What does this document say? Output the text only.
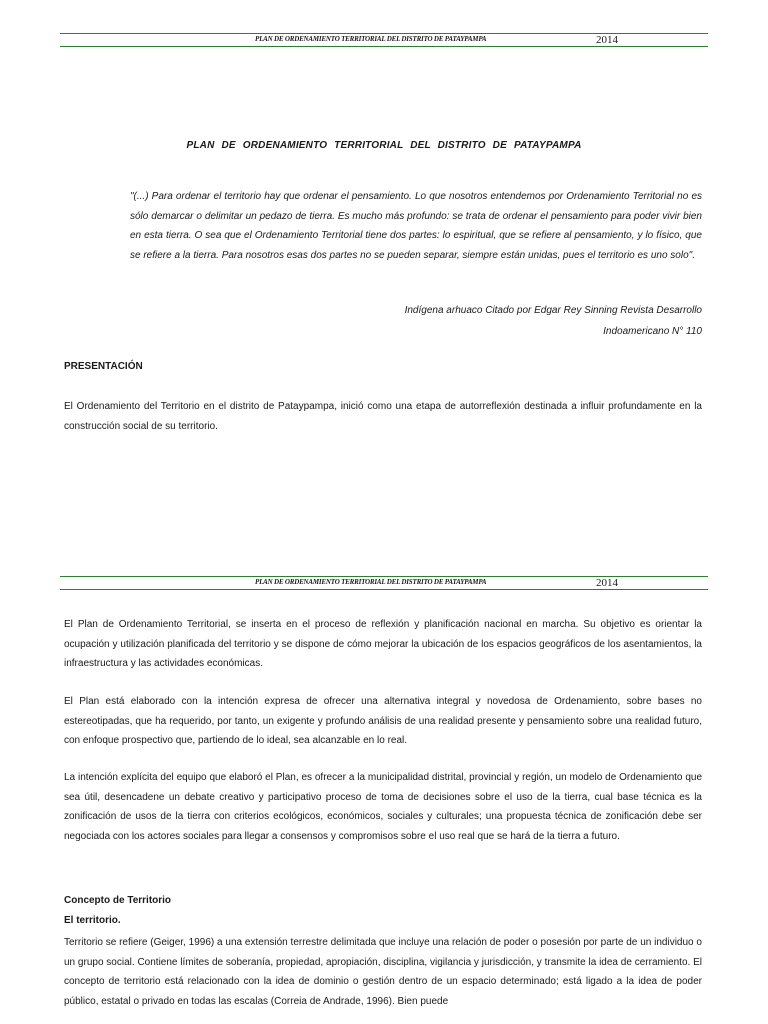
PLAN DE ORDENAMIENTO TERRITORIAL DEL DISTRITO DE PATAYPAMPA	2014
PLAN DE ORDENAMIENTO TERRITORIAL DEL DISTRITO DE PATAYPAMPA
"(...) Para ordenar el territorio hay que ordenar el pensamiento. Lo que nosotros entendemos por Ordenamiento Territorial no es sólo demarcar o delimitar un pedazo de tierra. Es mucho más profundo: se trata de ordenar el pensamiento para poder vivir bien en esta tierra. O sea que el Ordenamiento Territorial tiene dos partes: lo espiritual, que se refiere al pensamiento, y lo físico, que se refiere a la tierra. Para nosotros esas dos partes no se pueden separar, siempre están unidas, pues el territorio es uno solo".
Indígena arhuaco Citado por Edgar Rey Sinning Revista Desarrollo
Indoamericano N° 110
PRESENTACIÓN
El Ordenamiento del Territorio en el distrito de Pataypampa, inició como una etapa de autorreflexión destinada a influir profundamente en la construcción social de su territorio.
PLAN DE ORDENAMIENTO TERRITORIAL DEL DISTRITO DE PATAYPAMPA	2014
El Plan de Ordenamiento Territorial, se inserta en el proceso de reflexión y planificación nacional en marcha. Su objetivo es orientar la ocupación y utilización planificada del territorio y se dispone de cómo mejorar la ubicación de los espacios geográficos de los asentamientos, la infraestructura y las actividades económicas.
El Plan está elaborado con la intención expresa de ofrecer una alternativa integral y novedosa de Ordenamiento, sobre bases no estereotipadas, que ha requerido, por tanto, un exigente y profundo análisis de una realidad presente y pensamiento sobre una realidad futuro, con enfoque prospectivo que, partiendo de lo ideal, sea alcanzable en lo real.
La intención explícita del equipo que elaboró el Plan, es ofrecer a la municipalidad distrital, provincial y región, un modelo de Ordenamiento que sea útil, desencadene un debate creativo y participativo proceso de toma de decisiones sobre el uso de la tierra, cual base técnica es la zonificación de usos de la tierra con criterios ecológicos, económicos, sociales y culturales; una propuesta técnica de zonificación debe ser negociada con los actores sociales para llegar a consensos y compromisos sobre el uso real que se hará de la tierra a futuro.
Concepto de Territorio
El territorio.
Territorio se refiere (Geiger, 1996) a una extensión terrestre delimitada que incluye una relación de poder o posesión por parte de un individuo o un grupo social. Contiene límites de soberanía, propiedad, apropiación, disciplina, vigilancia y jurisdicción, y transmite la idea de cerramiento. El concepto de territorio está relacionado con la idea de dominio o gestión dentro de un espacio determinado; está ligado a la idea de poder público, estatal o privado en todas las escalas (Correia de Andrade, 1996). Bien puede
